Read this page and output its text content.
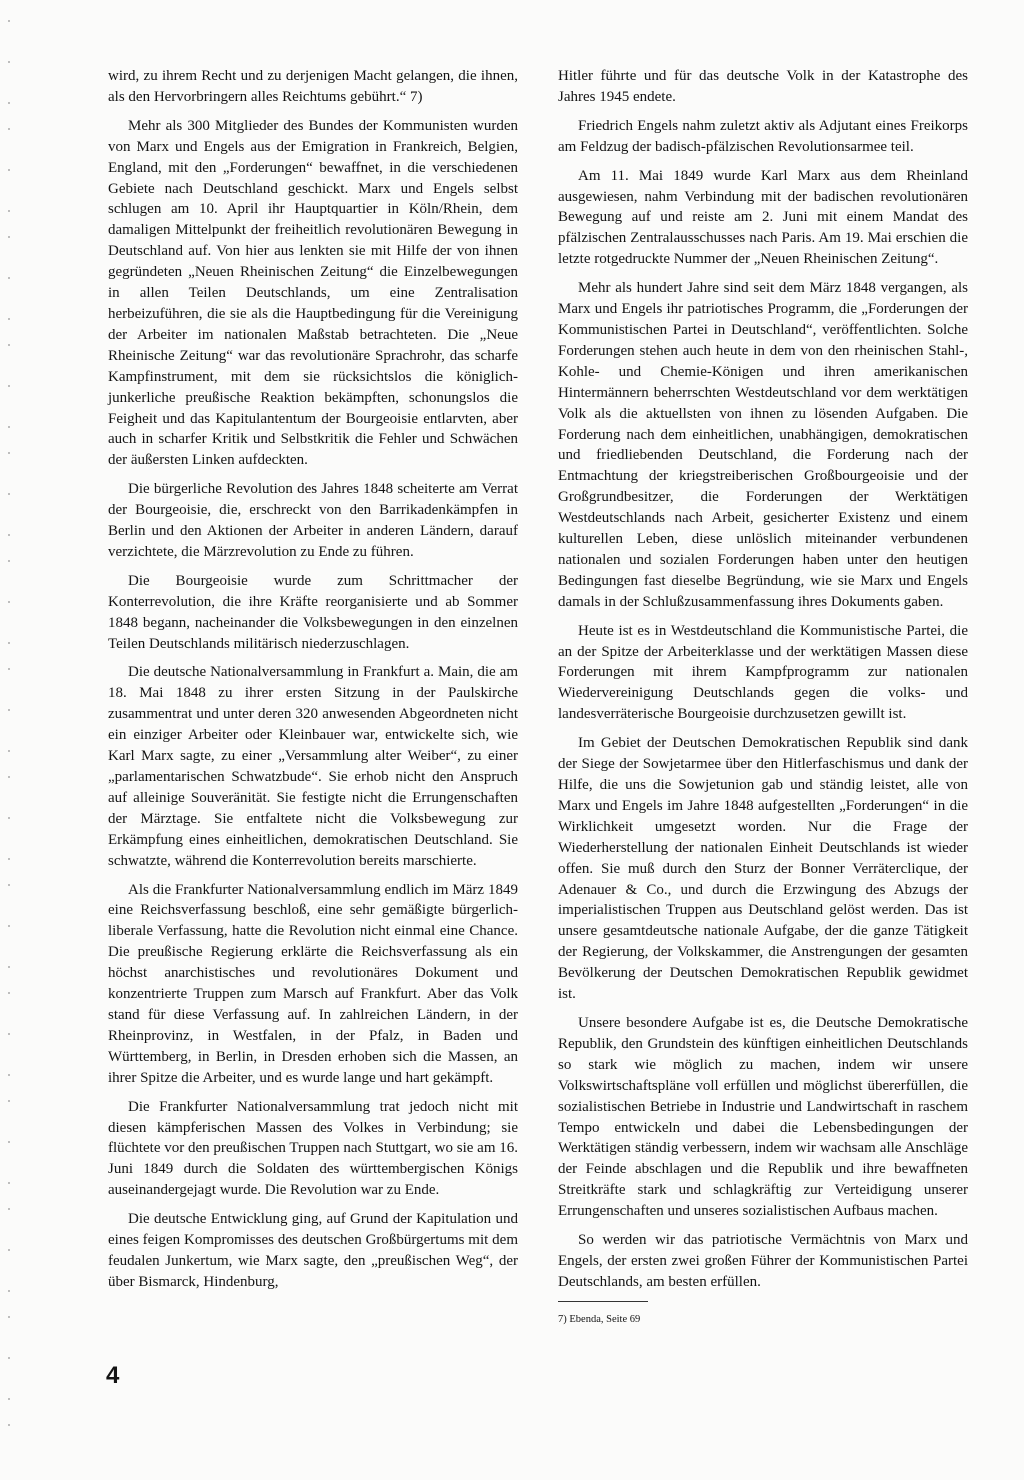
wird, zu ihrem Recht und zu derjenigen Macht gelangen, die ihnen, als den Hervorbringern alles Reichtums gebührt.“ 7)

Mehr als 300 Mitglieder des Bundes der Kommunisten wurden von Marx und Engels aus der Emigration in Frankreich, Belgien, England, mit den „Forderungen“ bewaffnet, in die verschiedenen Gebiete nach Deutschland geschickt. Marx und Engels selbst schlugen am 10. April ihr Hauptquartier in Köln/Rhein, dem damaligen Mittelpunkt der freiheitlich revolutionären Bewegung in Deutschland auf. Von hier aus lenkten sie mit Hilfe der von ihnen gegründeten „Neuen Rheinischen Zeitung“ die Einzelbewegungen in allen Teilen Deutschlands, um eine Zentralisation herbeizuführen, die sie als die Hauptbedingung für die Vereinigung der Arbeiter im nationalen Maßstab betrachteten. Die „Neue Rheinische Zeitung“ war das revolutionäre Sprachrohr, das scharfe Kampfinstrument, mit dem sie rücksichtslos die königlich-junkerliche preußische Reaktion bekämpften, schonungslos die Feigheit und das Kapitulantentum der Bourgeoisie entlarvten, aber auch in scharfer Kritik und Selbstkritik die Fehler und Schwächen der äußersten Linken aufdeckten.

Die bürgerliche Revolution des Jahres 1848 scheiterte am Verrat der Bourgeoisie, die, erschreckt von den Barrikadenkämpfen in Berlin und den Aktionen der Arbeiter in anderen Ländern, darauf verzichtete, die Märzrevolution zu Ende zu führen.

Die Bourgeoisie wurde zum Schrittmacher der Konterrevolution, die ihre Kräfte reorganisierte und ab Sommer 1848 begann, nacheinander die Volksbewegungen in den einzelnen Teilen Deutschlands militärisch niederzuschlagen.

Die deutsche Nationalversammlung in Frankfurt a. Main, die am 18. Mai 1848 zu ihrer ersten Sitzung in der Paulskirche zusammentrat und unter deren 320 anwesenden Abgeordneten nicht ein einziger Arbeiter oder Kleinbauer war, entwickelte sich, wie Karl Marx sagte, zu einer „Versammlung alter Weiber“, zu einer „parlamentarischen Schwatzbude“. Sie erhob nicht den Anspruch auf alleinige Souveränität. Sie festigte nicht die Errungenschaften der Märztage. Sie entfaltete nicht die Volksbewegung zur Erkämpfung eines einheitlichen, demokratischen Deutschland. Sie schwatzte, während die Konterrevolution bereits marschierte.

Als die Frankfurter Nationalversammlung endlich im März 1849 eine Reichsverfassung beschloß, eine sehr gemäßigte bürgerlich-liberale Verfassung, hatte die Revolution nicht einmal eine Chance. Die preußische Regierung erklärte die Reichsverfassung als ein höchst anarchistisches und revolutionäres Dokument und konzentrierte Truppen zum Marsch auf Frankfurt. Aber das Volk stand für diese Verfassung auf. In zahlreichen Ländern, in der Rheinprovinz, in Westfalen, in der Pfalz, in Baden und Württemberg, in Berlin, in Dresden erhoben sich die Massen, an ihrer Spitze die Arbeiter, und es wurde lange und hart gekämpft.

Die Frankfurter Nationalversammlung trat jedoch nicht mit diesen kämpferischen Massen des Volkes in Verbindung; sie flüchtete vor den preußischen Truppen nach Stuttgart, wo sie am 16. Juni 1849 durch die Soldaten des württembergischen Königs auseinandergejagt wurde. Die Revolution war zu Ende.

Die deutsche Entwicklung ging, auf Grund der Kapitulation und eines feigen Kompromisses des deutschen Großbürgertums mit dem feudalen Junkertum, wie Marx sagte, den „preußischen Weg“, der über Bismarck, Hindenburg,

Hitler führte und für das deutsche Volk in der Katastrophe des Jahres 1945 endete.

Friedrich Engels nahm zuletzt aktiv als Adjutant eines Freikorps am Feldzug der badisch-pfälzischen Revolutionsarmee teil.

Am 11. Mai 1849 wurde Karl Marx aus dem Rheinland ausgewiesen, nahm Verbindung mit der badischen revolutionären Bewegung auf und reiste am 2. Juni mit einem Mandat des pfälzischen Zentralausschusses nach Paris. Am 19. Mai erschien die letzte rotgedruckte Nummer der „Neuen Rheinischen Zeitung“.

Mehr als hundert Jahre sind seit dem März 1848 vergangen, als Marx und Engels ihr patriotisches Programm, die „Forderungen der Kommunistischen Partei in Deutschland“, veröffentlichten. Solche Forderungen stehen auch heute in dem von den rheinischen Stahl-, Kohle- und Chemie-Königen und ihren amerikanischen Hintermännern beherrschten Westdeutschland vor dem werktätigen Volk als die aktuellsten von ihnen zu lösenden Aufgaben. Die Forderung nach dem einheitlichen, unabhängigen, demokratischen und friedliebenden Deutschland, die Forderung nach der Entmachtung der kriegstreiberischen Großbourgeoisie und der Großgrundbesitzer, die Forderungen der Werktätigen Westdeutschlands nach Arbeit, gesicherter Existenz und einem kulturellen Leben, diese unlöslich miteinander verbundenen nationalen und sozialen Forderungen haben unter den heutigen Bedingungen fast dieselbe Begründung, wie sie Marx und Engels damals in der Schlußzusammenfassung ihres Dokuments gaben.

Heute ist es in Westdeutschland die Kommunistische Partei, die an der Spitze der Arbeiterklasse und der werktätigen Massen diese Forderungen mit ihrem Kampfprogramm zur nationalen Wiedervereinigung Deutschlands gegen die volks- und landesverräterische Bourgeoisie durchzusetzen gewillt ist.

Im Gebiet der Deutschen Demokratischen Republik sind dank der Siege der Sowjetarmee über den Hitlerfaschismus und dank der Hilfe, die uns die Sowjetunion gab und ständig leistet, alle von Marx und Engels im Jahre 1848 aufgestellten „Forderungen“ in die Wirklichkeit umgesetzt worden. Nur die Frage der Wiederherstellung der nationalen Einheit Deutschlands ist wieder offen. Sie muß durch den Sturz der Bonner Verräterclique, der Adenauer & Co., und durch die Erzwingung des Abzugs der imperialistischen Truppen aus Deutschland gelöst werden. Das ist unsere gesamtdeutsche nationale Aufgabe, der die ganze Tätigkeit der Regierung, der Volkskammer, die Anstrengungen der gesamten Bevölkerung der Deutschen Demokratischen Republik gewidmet ist.

Unsere besondere Aufgabe ist es, die Deutsche Demokratische Republik, den Grundstein des künftigen einheitlichen Deutschlands so stark wie möglich zu machen, indem wir unsere Volkswirtschaftspläne voll erfüllen und möglichst übererfüllen, die sozialistischen Betriebe in Industrie und Landwirtschaft in raschem Tempo entwickeln und dabei die Lebensbedingungen der Werktätigen ständig verbessern, indem wir wachsam alle Anschläge der Feinde abschlagen und die Republik und ihre bewaffneten Streitkräfte stark und schlagkräftig zur Verteidigung unserer Errungenschaften und unseres sozialistischen Aufbaus machen.

So werden wir das patriotische Vermächtnis von Marx und Engels, der ersten zwei großen Führer der Kommunistischen Partei Deutschlands, am besten erfüllen.

7) Ebenda, Seite 69
4
